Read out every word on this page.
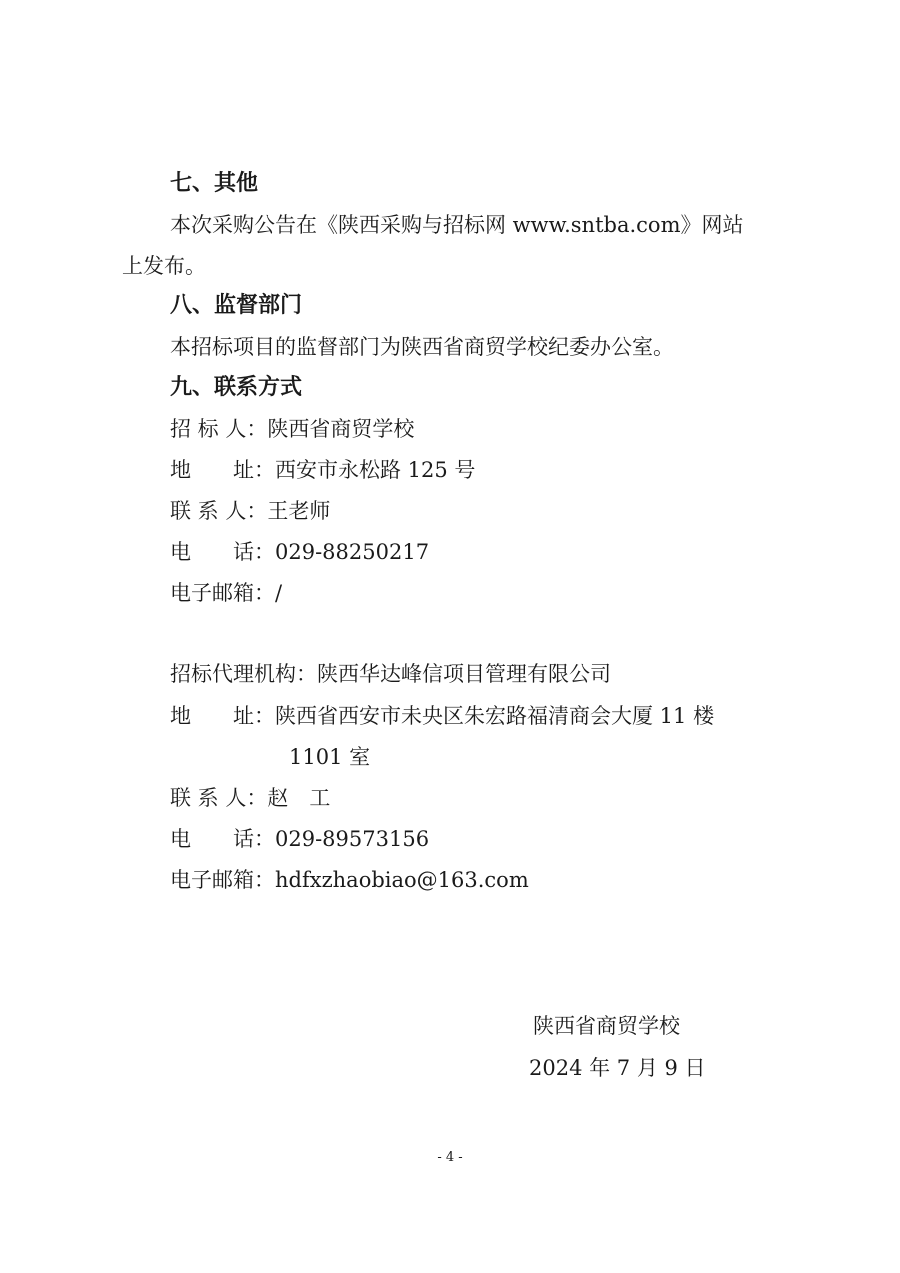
七、其他
本次采购公告在《陕西采购与招标网 www.sntba.com》网站
上发布。
八、监督部门
本招标项目的监督部门为陕西省商贸学校纪委办公室。
九、联系方式
招 标 人：陕西省商贸学校
地　　址：西安市永松路 125 号
联 系 人：王老师
电　　话：029-88250217
电子邮箱：/
招标代理机构：陕西华达峰信项目管理有限公司
地　　址：陕西省西安市未央区朱宏路福清商会大厦 11 楼
1101 室
联 系 人：赵　工
电　　话：029-89573156
电子邮箱：hdfxzhaobiao@163.com
陕西省商贸学校
2024 年 7 月 9 日
- 4 -
